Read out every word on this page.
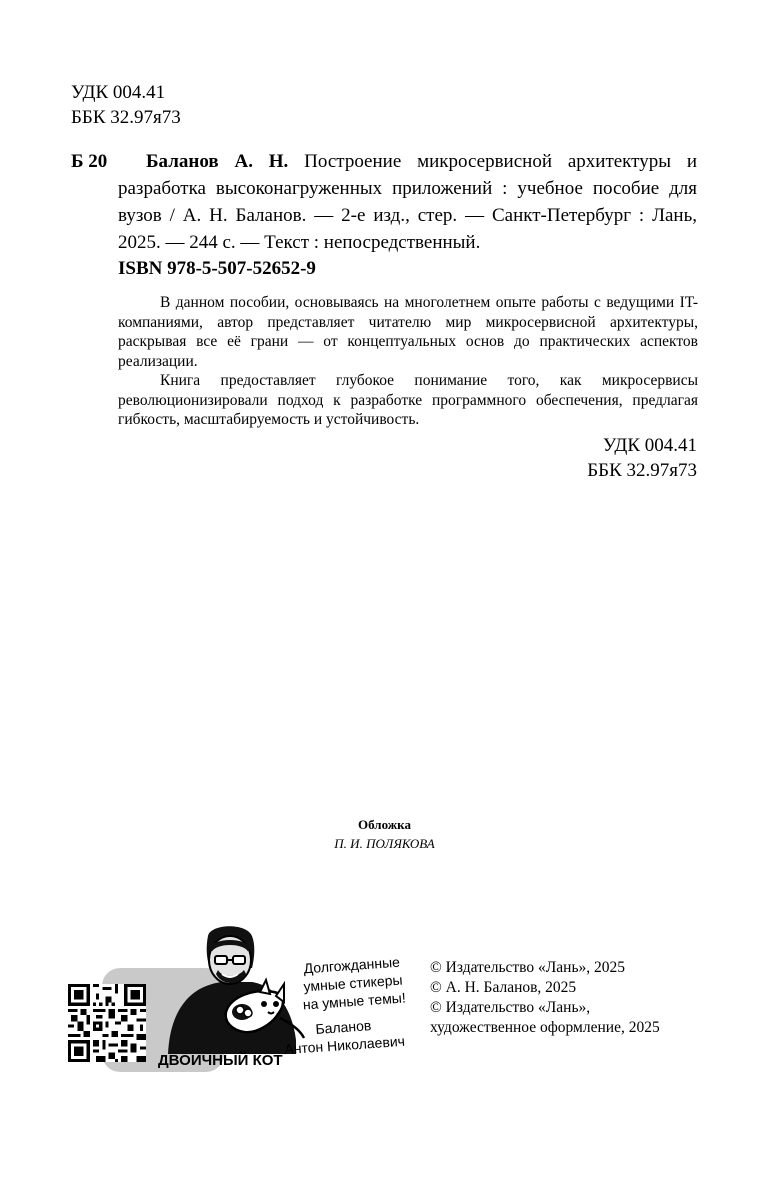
УДК 004.41
ББК 32.97я73
Б 20	Баланов А. Н. Построение микросервисной архитектуры и разработка высоконагруженных приложений : учебное пособие для вузов / А. Н. Баланов. — 2-е изд., стер. — Санкт-Петербург : Лань, 2025. — 244 с. — Текст : непосредственный.
ISBN 978-5-507-52652-9

В данном пособии, основываясь на многолетнем опыте работы с ведущими IT-компаниями, автор представляет читателю мир микросервисной архитектуры, раскрывая все её грани — от концептуальных основ до практических аспектов реализации.

Книга предоставляет глубокое понимание того, как микросервисы революционизировали подход к разработке программного обеспечения, предлагая гибкость, масштабируемость и устойчивость.

УДК 004.41
ББК 32.97я73
Обложка
П. И. ПОЛЯКОВА
Долгожданные
умные стикеры
на умные темы!
Баланов
Антон Николаевич
ДВОИЧНЫЙ КОТ
© Издательство «Лань», 2025
© А. Н. Баланов, 2025
© Издательство «Лань»,
художественное оформление, 2025
